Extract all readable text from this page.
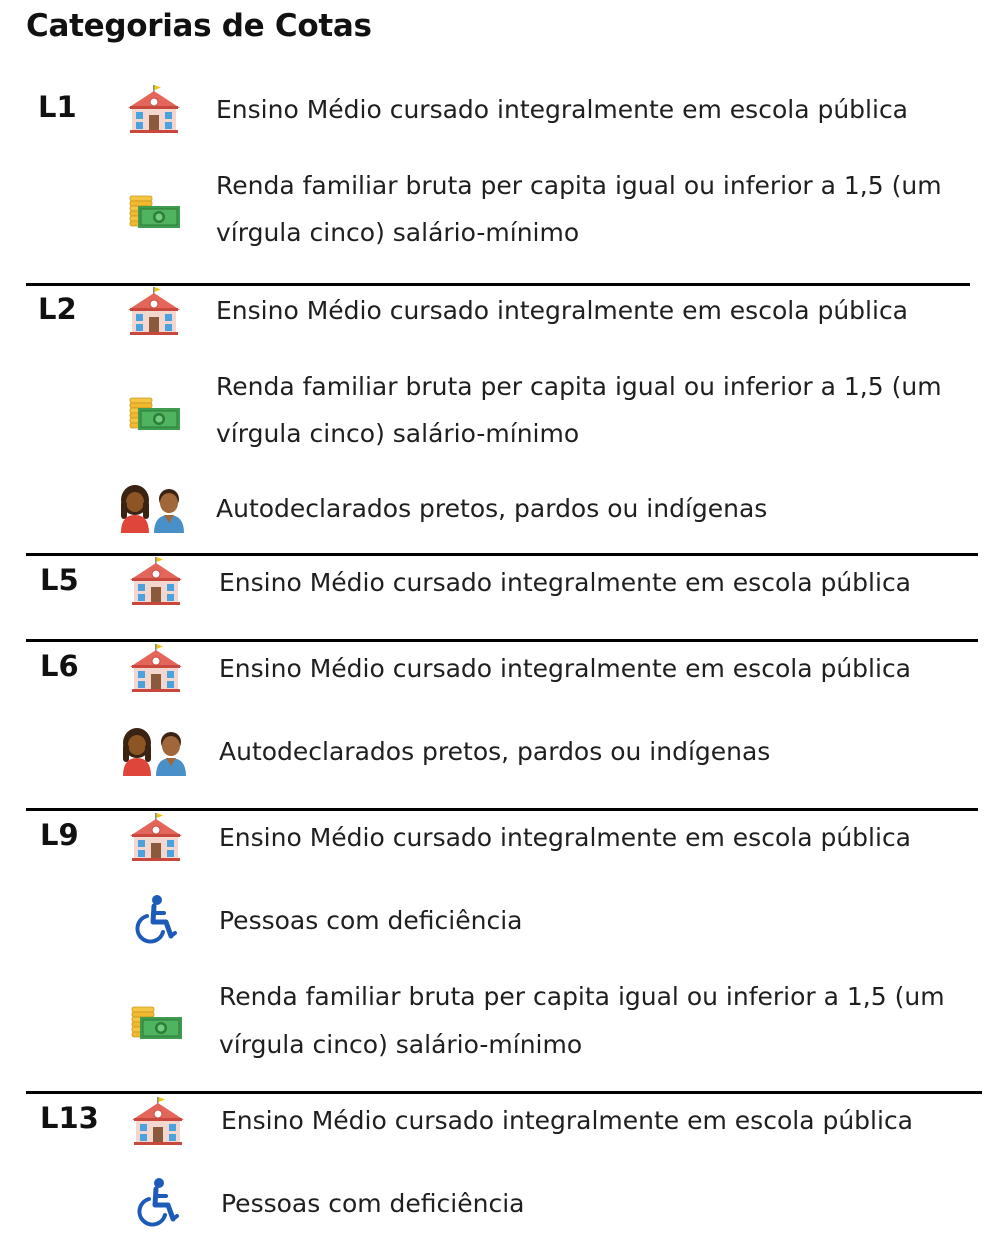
Categorias de Cotas
L1	Ensino Médio cursado integralmente em escola pública
Renda familiar bruta per capita igual ou inferior a 1,5 (um
vírgula cinco) salário-mínimo
L2	Ensino Médio cursado integralmente em escola pública
Renda familiar bruta per capita igual ou inferior a 1,5 (um
vírgula cinco) salário-mínimo
Autodeclarados pretos, pardos ou indígenas
L5	Ensino Médio cursado integralmente em escola pública
L6	Ensino Médio cursado integralmente em escola pública
Autodeclarados pretos, pardos ou indígenas
L9	Ensino Médio cursado integralmente em escola pública
Pessoas com deficiência
Renda familiar bruta per capita igual ou inferior a 1,5 (um
vírgula cinco) salário-mínimo
L13	Ensino Médio cursado integralmente em escola pública
Pessoas com deficiência
